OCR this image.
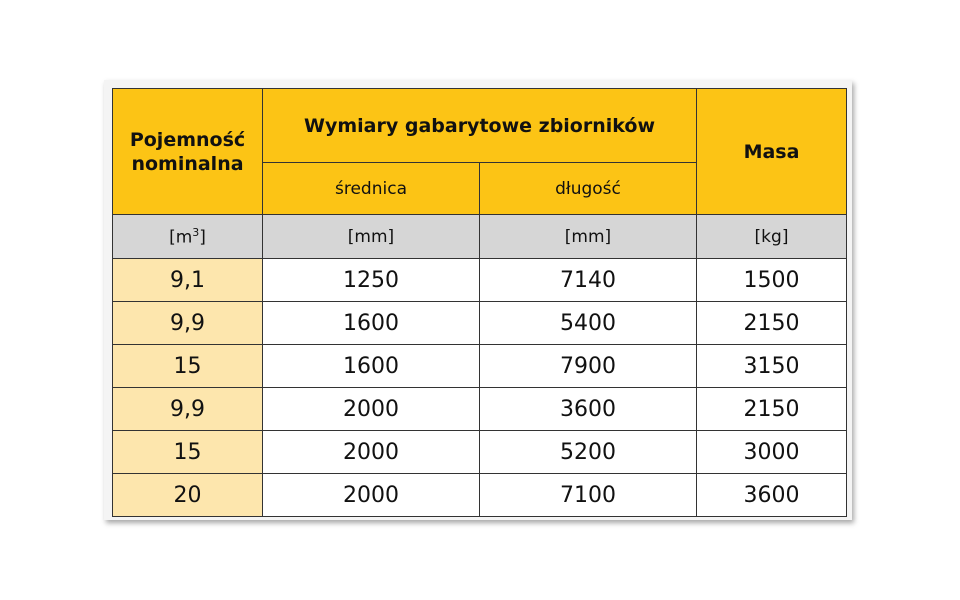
Pojemność
nominalna	Wymiary gabarytowe zbiorników		Masa
	średnica	długość	
$[m^3]$	[mm]	[mm]	[kg]
9,1	1250	7140	1500
9,9	1600	5400	2150
15	1600	7900	3150
9,9	2000	3600	2150
15	2000	5200	3000
20	2000	7100	3600
